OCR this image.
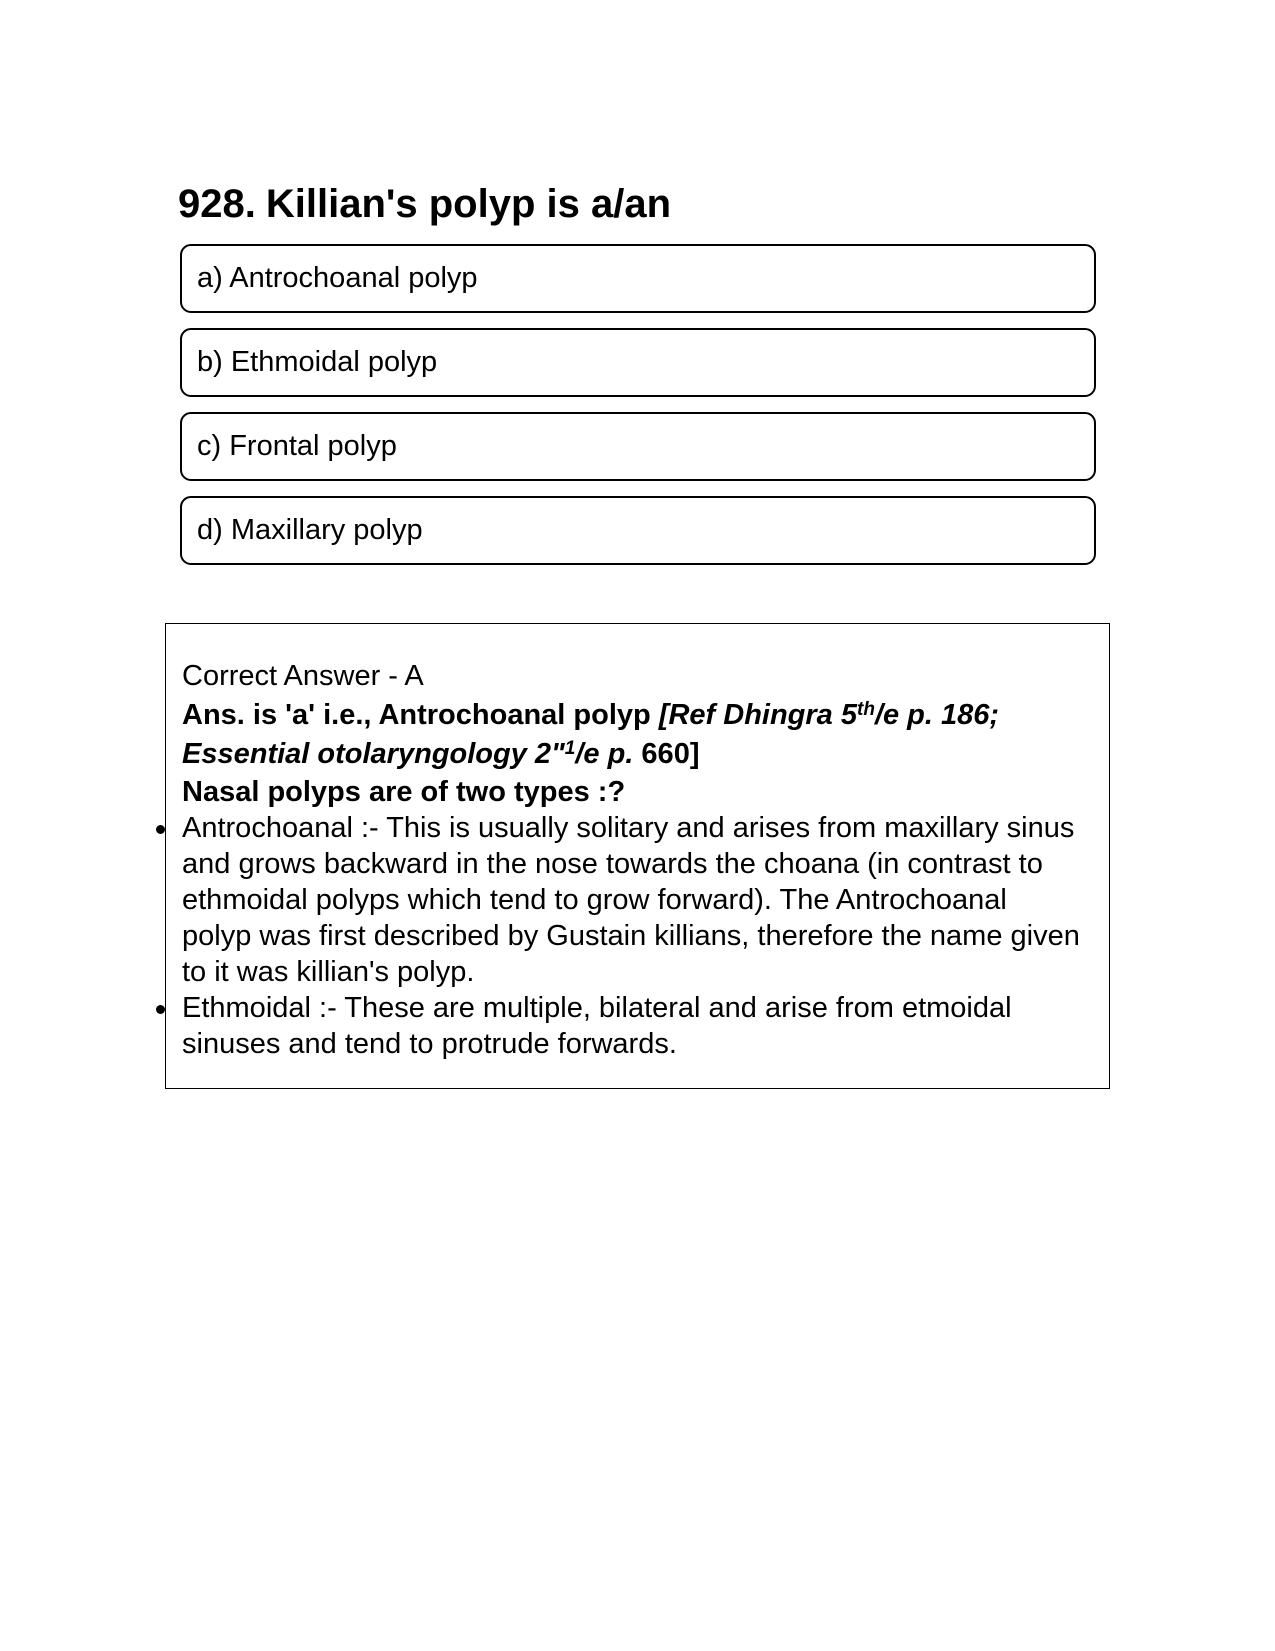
928. Killian's polyp is a/an
a) Antrochoanal polyp
b) Ethmoidal polyp
c) Frontal polyp
d) Maxillary polyp

Correct Answer - A

Ans. is 'a' i.e., Antrochoanal polyp [Ref Dhingra 5th/e p. 186; Essential otolaryngology 2"$^1$/e p. 660]

Nasal polyps are of two types :?

Antrochoanal :- This is usually solitary and arises from maxillary sinus and grows backward in the nose towards the choana (in contrast to ethmoidal polyps which tend to grow forward). The Antrochoanal polyp was first described by Gustain killians, therefore the name given to it was killian's polyp.
Ethmoidal :- These are multiple, bilateral and arise from etmoidal sinuses and tend to protrude forwards.
